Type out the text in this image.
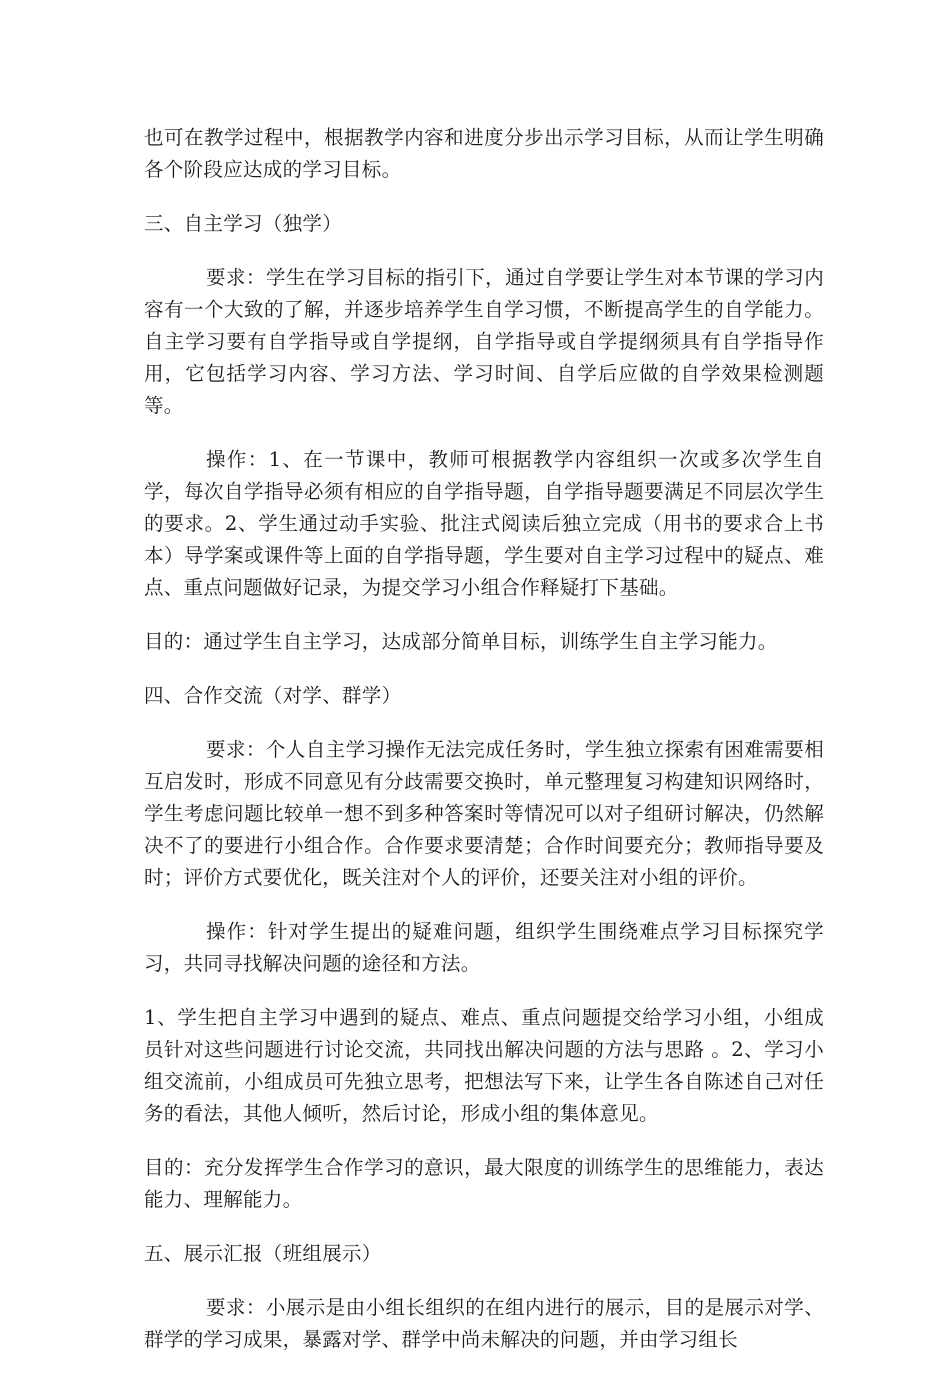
也可在教学过程中，根据教学内容和进度分步出示学习目标，从而让学生明确各个阶段应达成的学习目标。

三、自主学习（独学）

要求：学生在学习目标的指引下，通过自学要让学生对本节课的学习内容有一个大致的了解，并逐步培养学生自学习惯，不断提高学生的自学能力。自主学习要有自学指导或自学提纲，自学指导或自学提纲须具有自学指导作用，它包括学习内容、学习方法、学习时间、自学后应做的自学效果检测题等。

操作：1、在一节课中，教师可根据教学内容组织一次或多次学生自学，每次自学指导必须有相应的自学指导题，自学指导题要满足不同层次学生的要求。2、学生通过动手实验、批注式阅读后独立完成（用书的要求合上书本）导学案或课件等上面的自学指导题，学生要对自主学习过程中的疑点、难点、重点问题做好记录，为提交学习小组合作释疑打下基础。

目的：通过学生自主学习，达成部分简单目标，训练学生自主学习能力。

四、合作交流（对学、群学）

要求：个人自主学习操作无法完成任务时，学生独立探索有困难需要相互启发时，形成不同意见有分歧需要交换时，单元整理复习构建知识网络时，学生考虑问题比较单一想不到多种答案时等情况可以对子组研讨解决，仍然解决不了的要进行小组合作。合作要求要清楚；合作时间要充分；教师指导要及时；评价方式要优化，既关注对个人的评价，还要关注对小组的评价。

操作：针对学生提出的疑难问题，组织学生围绕难点学习目标探究学习，共同寻找解决问题的途径和方法。

1、学生把自主学习中遇到的疑点、难点、重点问题提交给学习小组，小组成员针对这些问题进行讨论交流，共同找出解决问题的方法与思路 。2、学习小组交流前，小组成员可先独立思考，把想法写下来，让学生各自陈述自己对任务的看法，其他人倾听，然后讨论，形成小组的集体意见。

目的：充分发挥学生合作学习的意识，最大限度的训练学生的思维能力，表达能力、理解能力。

五、展示汇报（班组展示）

要求：小展示是由小组长组织的在组内进行的展示，目的是展示对学、群学的学习成果，暴露对学、群学中尚未解决的问题，并由学习组长
